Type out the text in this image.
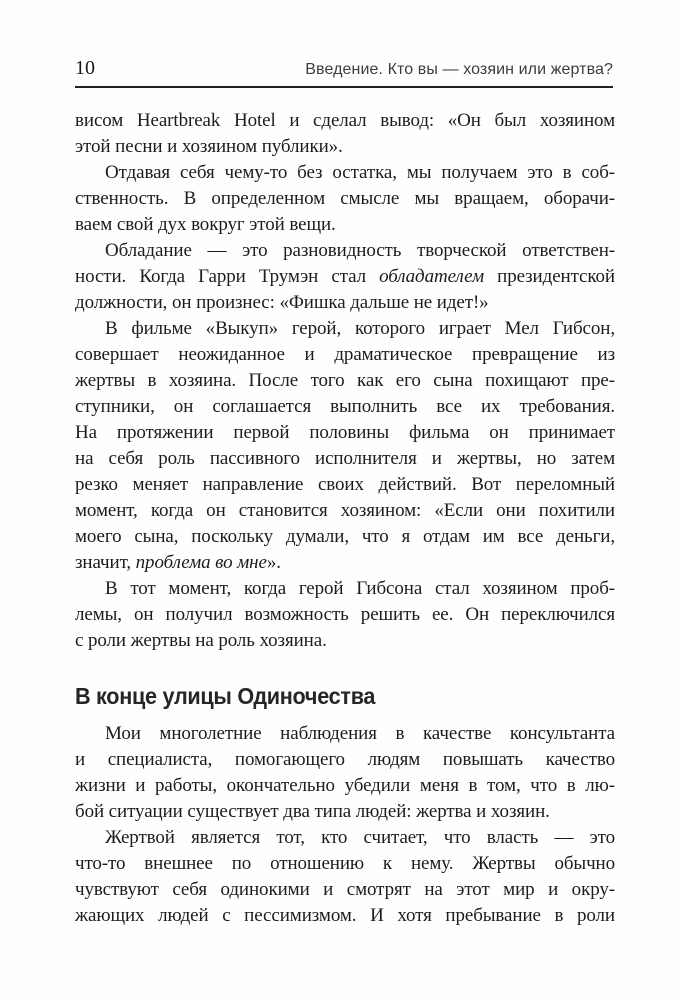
10	Введение. Кто вы — хозяин или жертва?
висом Heartbreak Hotel и сделал вывод: «Он был хозяином
этой песни и хозяином публики».
Отдавая себя чему-то без остатка, мы получаем это в соб-
ственность. В определенном смысле мы вращаем, оборачи-
ваем свой дух вокруг этой вещи.
Обладание — это разновидность творческой ответствен-
ности. Когда Гарри Трумэн стал обладателем президентской
должности, он произнес: «Фишка дальше не идет!»
В фильме «Выкуп» герой, которого играет Мел Гибсон,
совершает неожиданное и драматическое превращение из
жертвы в хозяина. После того как его сына похищают пре-
ступники, он соглашается выполнить все их требования.
На протяжении первой половины фильма он принимает
на себя роль пассивного исполнителя и жертвы, но затем
резко меняет направление своих действий. Вот переломный
момент, когда он становится хозяином: «Если они похитили
моего сына, поскольку думали, что я отдам им все деньги,
значит, проблема во мне».
В тот момент, когда герой Гибсона стал хозяином проб-
лемы, он получил возможность решить ее. Он переключился
с роли жертвы на роль хозяина.
В конце улицы Одиночества
Мои многолетние наблюдения в качестве консультанта
и специалиста, помогающего людям повышать качество
жизни и работы, окончательно убедили меня в том, что в лю-
бой ситуации существует два типа людей: жертва и хозяин.
Жертвой является тот, кто считает, что власть — это
что-то внешнее по отношению к нему. Жертвы обычно
чувствуют себя одинокими и смотрят на этот мир и окру-
жающих людей с пессимизмом. И хотя пребывание в роли
